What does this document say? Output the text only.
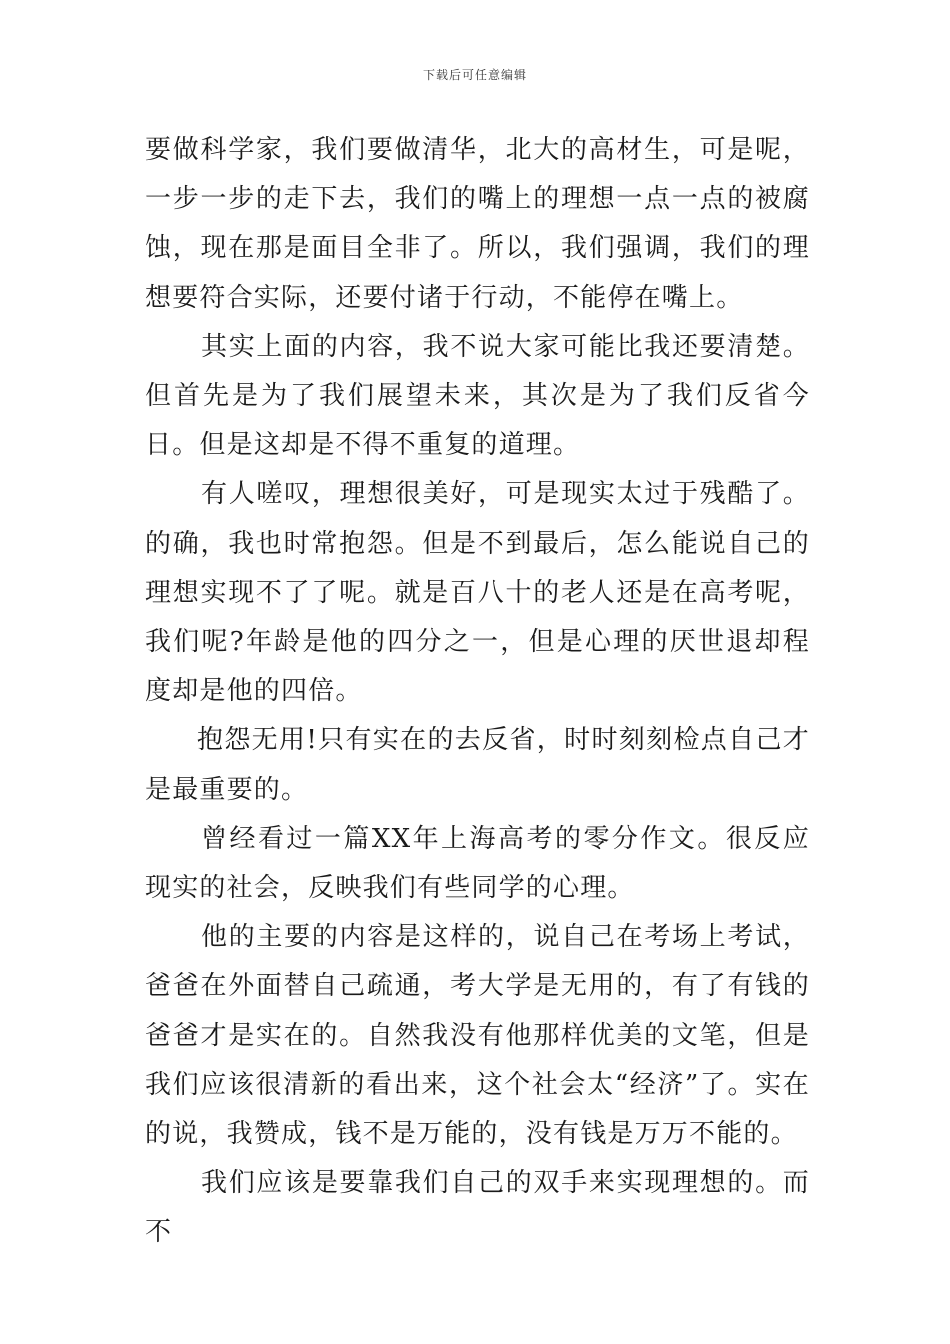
下载后可任意编辑

要做科学家，我们要做清华，北大的高材生，可是呢，一步一步的走下去，我们的嘴上的理想一点一点的被腐蚀，现在那是面目全非了。所以，我们强调，我们的理想要符合实际，还要付诸于行动，不能停在嘴上。

其实上面的内容，我不说大家可能比我还要清楚。但首先是为了我们展望未来，其次是为了我们反省今日。但是这却是不得不重复的道理。

有人嗟叹，理想很美好，可是现实太过于残酷了。的确，我也时常抱怨。但是不到最后，怎么能说自己的理想实现不了了呢。就是百八十的老人还是在高考呢，我们呢?年龄是他的四分之一，但是心理的厌世退却程度却是他的四倍。

抱怨无用!只有实在的去反省，时时刻刻检点自己才是最重要的。

曾经看过一篇XX年上海高考的零分作文。很反应现实的社会，反映我们有些同学的心理。

他的主要的内容是这样的，说自己在考场上考试，爸爸在外面替自己疏通，考大学是无用的，有了有钱的爸爸才是实在的。自然我没有他那样优美的文笔，但是我们应该很清新的看出来，这个社会太“经济”了。实在的说，我赞成，钱不是万能的，没有钱是万万不能的。

我们应该是要靠我们自己的双手来实现理想的。而不
